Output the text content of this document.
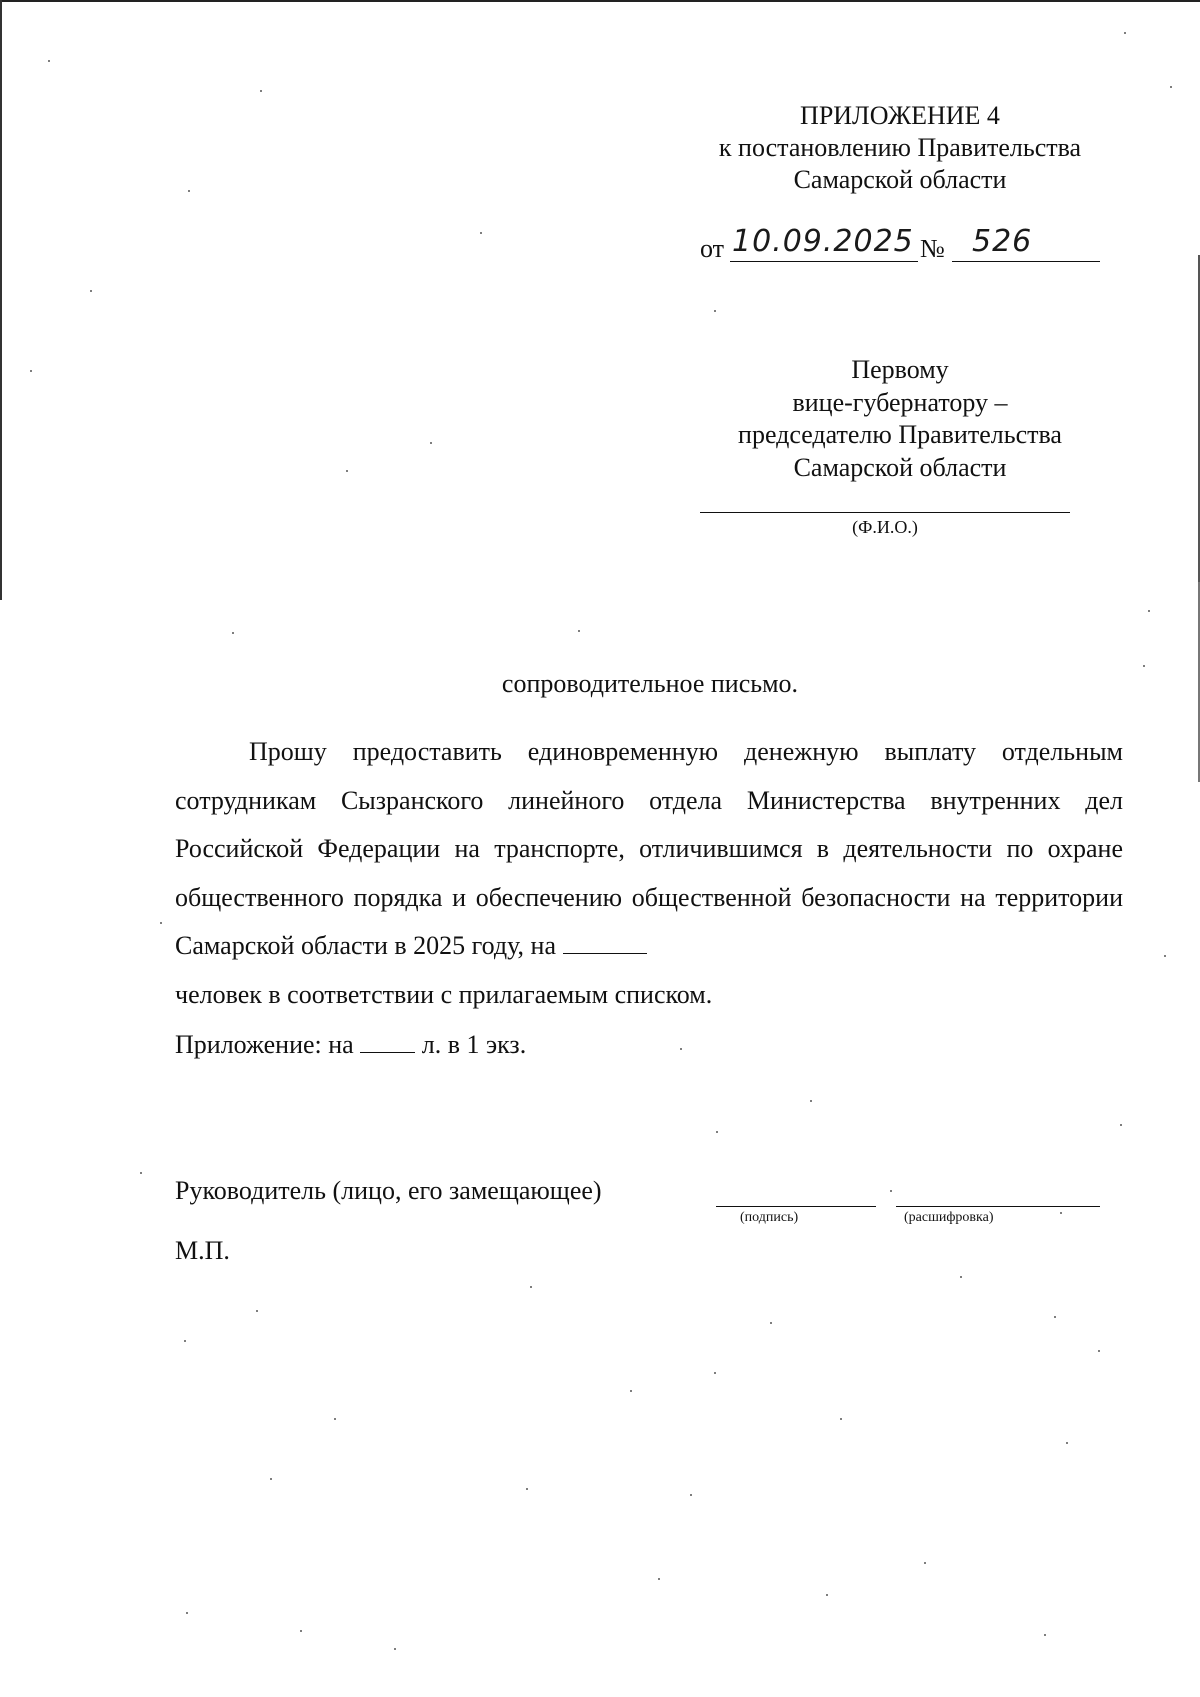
ПРИЛОЖЕНИЕ 4
к постановлению Правительства
Самарской области
от 10.09.2025 № 526
Первому
вице-губернатору –
председателю Правительства
Самарской области
(Ф.И.О.)
сопроводительное письмо.

Прошу предоставить единовременную денежную выплату отдельным сотрудникам Сызранского линейного отдела Министерства внутренних дел Российской Федерации на транспорте, отличившимся в деятельности по охране общественного порядка и обеспечению общественной безопасности на территории Самарской области в 2025 году, на
человек в соответствии с прилагаемым списком.

Приложение: на	л. в 1 экз.
Руководитель (лицо, его замещающее)
(подпись)	(расшифровка)
М.П.
